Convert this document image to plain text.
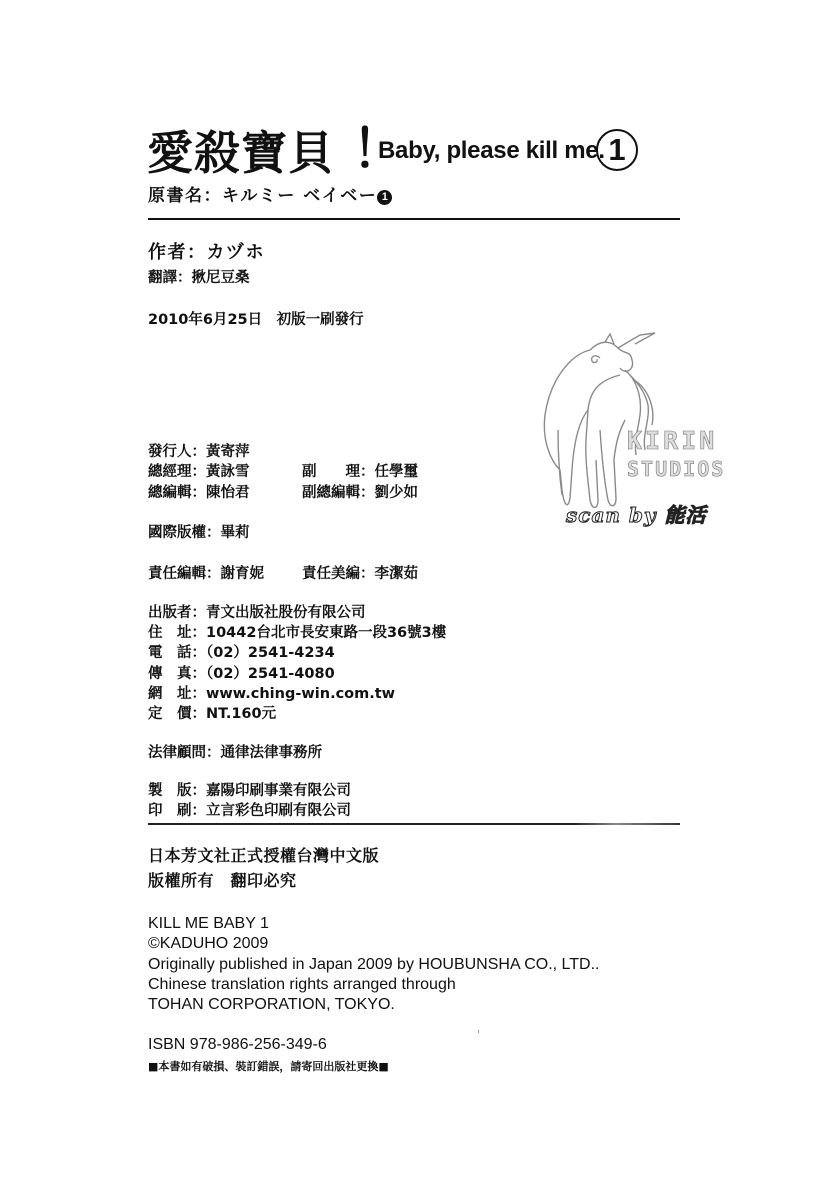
愛殺寶貝 ！
Baby, please kill me. 1
原書名：キルミー ベイベー 1
作者：カヅホ
翻譯：揪尼豆桑
2010年6月25日　初版一刷發行
KIRIN
STUDIOS
scan by 能活
發行人：黃寄萍
總經理：黃詠雪	副　　理：任學璽
總編輯：陳怡君	副總編輯：劉少如
國際版權：畢莉
責任編輯：謝育妮	責任美編：李潔茹
出版者：青文出版社股份有限公司
住　址：10442台北市長安東路一段36號3樓
電　話：（02）2541-4234
傳　真：（02）2541-4080
網　址：www.ching-win.com.tw
定　價：NT.160元
法律顧問：通律法律事務所
製　版：嘉陽印刷事業有限公司
印　刷：立言彩色印刷有限公司
日本芳文社正式授權台灣中文版
版權所有　翻印必究
KILL ME BABY 1
©KADUHO 2009
Originally published in Japan 2009 by HOUBUNSHA CO., LTD..
Chinese translation rights arranged through
TOHAN CORPORATION, TOKYO.
ISBN 978-986-256-349-6
■本書如有破損、裝訂錯誤，請寄回出版社更換■
